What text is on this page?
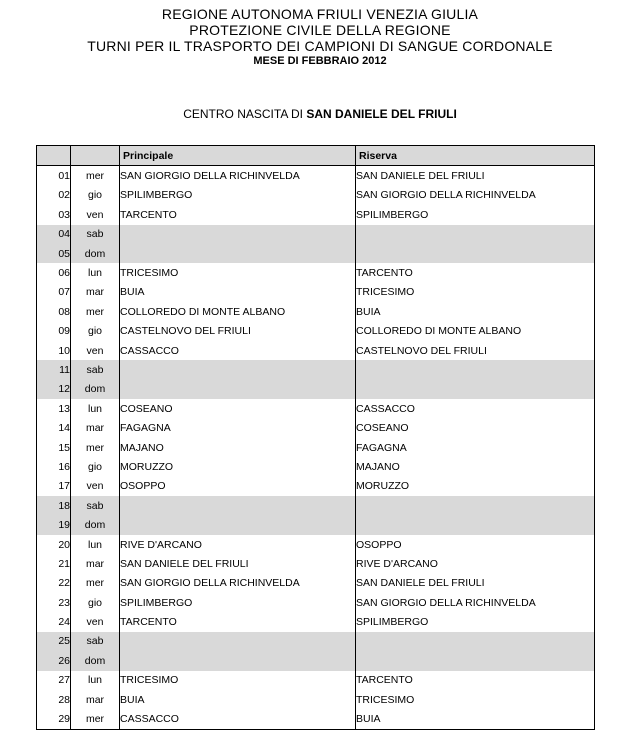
REGIONE AUTONOMA FRIULI VENEZIA GIULIA
PROTEZIONE CIVILE DELLA REGIONE
TURNI PER IL TRASPORTO DEI CAMPIONI DI SANGUE CORDONALE
MESE DI FEBBRAIO 2012
CENTRO NASCITA DI SAN DANIELE DEL FRIULI
		Principale	Riserva
01	mer	SAN GIORGIO DELLA RICHINVELDA	SAN DANIELE DEL FRIULI
02	gio	SPILIMBERGO	SAN GIORGIO DELLA RICHINVELDA
03	ven	TARCENTO	SPILIMBERGO
04	sab		
05	dom		
06	lun	TRICESIMO	TARCENTO
07	mar	BUIA	TRICESIMO
08	mer	COLLOREDO DI MONTE ALBANO	BUIA
09	gio	CASTELNOVO DEL FRIULI	COLLOREDO DI MONTE ALBANO
10	ven	CASSACCO	CASTELNOVO DEL FRIULI
11	sab		
12	dom		
13	lun	COSEANO	CASSACCO
14	mar	FAGAGNA	COSEANO
15	mer	MAJANO	FAGAGNA
16	gio	MORUZZO	MAJANO
17	ven	OSOPPO	MORUZZO
18	sab		
19	dom		
20	lun	RIVE D'ARCANO	OSOPPO
21	mar	SAN DANIELE DEL FRIULI	RIVE D'ARCANO
22	mer	SAN GIORGIO DELLA RICHINVELDA	SAN DANIELE DEL FRIULI
23	gio	SPILIMBERGO	SAN GIORGIO DELLA RICHINVELDA
24	ven	TARCENTO	SPILIMBERGO
25	sab		
26	dom		
27	lun	TRICESIMO	TARCENTO
28	mar	BUIA	TRICESIMO
29	mer	CASSACCO	BUIA
